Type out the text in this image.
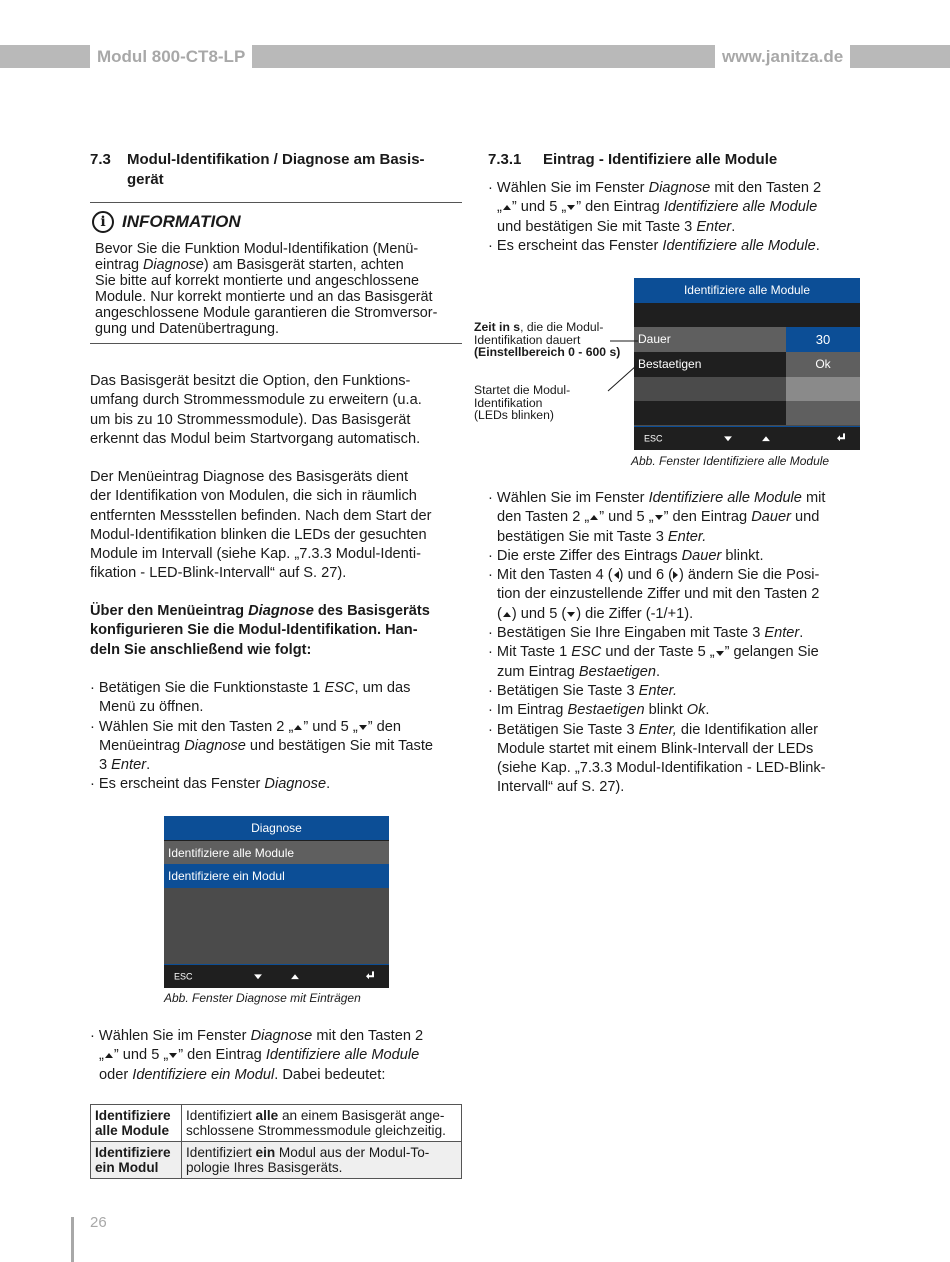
Modul 800-CT8-LP	www.janitza.de
7.3	Modul-Identifikation / Diagnose am Basis-
gerät
i INFORMATION
Bevor Sie die Funktion Modul-Identifikation (Menü-
eintrag Diagnose) am Basisgerät starten, achten
Sie bitte auf korrekt montierte und angeschlossene
Module. Nur korrekt montierte und an das Basisgerät
angeschlossene Module garantieren die Stromversor-
gung und Datenübertragung.
Das Basisgerät besitzt die Option, den Funktions-
umfang durch Strommessmodule zu erweitern (u.a.
um bis zu 10 Strommessmodule). Das Basisgerät
erkennt das Modul beim Startvorgang automatisch.
Der Menüeintrag Diagnose des Basisgeräts dient
der Identifikation von Modulen, die sich in räumlich
entfernten Messstellen befinden. Nach dem Start der
Modul-Identifikation blinken die LEDs der gesuchten
Module im Intervall (siehe Kap. „7.3.3 Modul-Identi-
fikation - LED-Blink-Intervall“ auf S. 27).
Über den Menüeintrag Diagnose des Basisgeräts
konfigurieren Sie die Modul-Identifikation. Han-
deln Sie anschließend wie folgt:
· Betätigen Sie die Funktionstaste 1 ESC, um das
Menü zu öffnen.
· Wählen Sie mit den Tasten 2 „ ” und 5 „ ” den
Menüeintrag Diagnose und bestätigen Sie mit Taste
3 Enter.
· Es erscheint das Fenster Diagnose.
Diagnose
Identifiziere alle Module
Identifiziere ein Modul
ESC
Abb. Fenster Diagnose mit Einträgen
· Wählen Sie im Fenster Diagnose mit den Tasten 2
„ ” und 5 „ ” den Eintrag Identifiziere alle Module
oder Identifiziere ein Modul. Dabei bedeutet:
Identifiziere
alle Module	Identifiziert alle an einem Basisgerät ange-
schlossene Strommessmodule gleichzeitig.
Identifiziere
ein Modul	Identifiziert ein Modul aus der Modul-To-
pologie Ihres Basisgeräts.
7.3.1	Eintrag - Identifiziere alle Module
· Wählen Sie im Fenster Diagnose mit den Tasten 2
„ ” und 5 „ ” den Eintrag Identifiziere alle Module
und bestätigen Sie mit Taste 3 Enter.
· Es erscheint das Fenster Identifiziere alle Module.
Identifiziere alle Module
Dauer	30
Bestaetigen	Ok
ESC
Zeit in s, die die Modul-
Identifikation dauert
(Einstellbereich 0 - 600 s)
Startet die Modul-
Identifikation
(LEDs blinken)
Abb. Fenster Identifiziere alle Module
· Wählen Sie im Fenster Identifiziere alle Module mit
den Tasten 2 „ ” und 5 „ ” den Eintrag Dauer und
bestätigen Sie mit Taste 3 Enter.
· Die erste Ziffer des Eintrags Dauer blinkt.
· Mit den Tasten 4 ( ) und 6 ( ) ändern Sie die Posi-
tion der einzustellende Ziffer und mit den Tasten 2
( ) und 5 ( ) die Ziffer (-1/+1).
· Bestätigen Sie Ihre Eingaben mit Taste 3 Enter.
· Mit Taste 1 ESC und der Taste 5 „ ” gelangen Sie
zum Eintrag Bestaetigen.
· Betätigen Sie Taste 3 Enter.
· Im Eintrag Bestaetigen blinkt Ok.
· Betätigen Sie Taste 3 Enter, die Identifikation aller
Module startet mit einem Blink-Intervall der LEDs
(siehe Kap. „7.3.3 Modul-Identifikation - LED-Blink-
Intervall“ auf S. 27).
26
